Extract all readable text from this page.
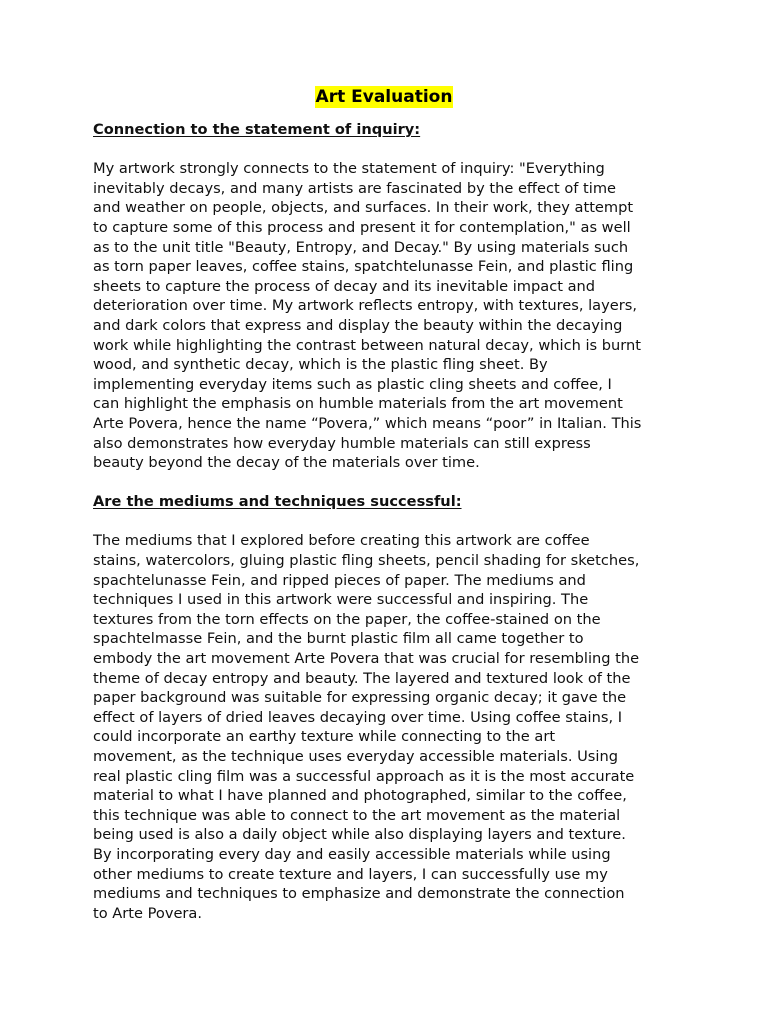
Art Evaluation

Connection to the statement of inquiry:

My artwork strongly connects to the statement of inquiry: "Everything
inevitably decays, and many artists are fascinated by the effect of time
and weather on people, objects, and surfaces. In their work, they attempt
to capture some of this process and present it for contemplation," as well
as to the unit title "Beauty, Entropy, and Decay." By using materials such
as torn paper leaves, coffee stains, spatchtelunasse Fein, and plastic fling
sheets to capture the process of decay and its inevitable impact and
deterioration over time. My artwork reflects entropy, with textures, layers,
and dark colors that express and display the beauty within the decaying
work while highlighting the contrast between natural decay, which is burnt
wood, and synthetic decay, which is the plastic fling sheet. By
implementing everyday items such as plastic cling sheets and coffee, I
can highlight the emphasis on humble materials from the art movement
Arte Povera, hence the name “Povera,” which means “poor” in Italian. This
also demonstrates how everyday humble materials can still express
beauty beyond the decay of the materials over time.

Are the mediums and techniques successful:

The mediums that I explored before creating this artwork are coffee
stains, watercolors, gluing plastic fling sheets, pencil shading for sketches,
spachtelunasse Fein, and ripped pieces of paper. The mediums and
techniques I used in this artwork were successful and inspiring. The
textures from the torn effects on the paper, the coffee-stained on the
spachtelmasse Fein, and the burnt plastic film all came together to
embody the art movement Arte Povera that was crucial for resembling the
theme of decay entropy and beauty. The layered and textured look of the
paper background was suitable for expressing organic decay; it gave the
effect of layers of dried leaves decaying over time. Using coffee stains, I
could incorporate an earthy texture while connecting to the art
movement, as the technique uses everyday accessible materials. Using
real plastic cling film was a successful approach as it is the most accurate
material to what I have planned and photographed, similar to the coffee,
this technique was able to connect to the art movement as the material
being used is also a daily object while also displaying layers and texture.
By incorporating every day and easily accessible materials while using
other mediums to create texture and layers, I can successfully use my
mediums and techniques to emphasize and demonstrate the connection
to Arte Povera.
